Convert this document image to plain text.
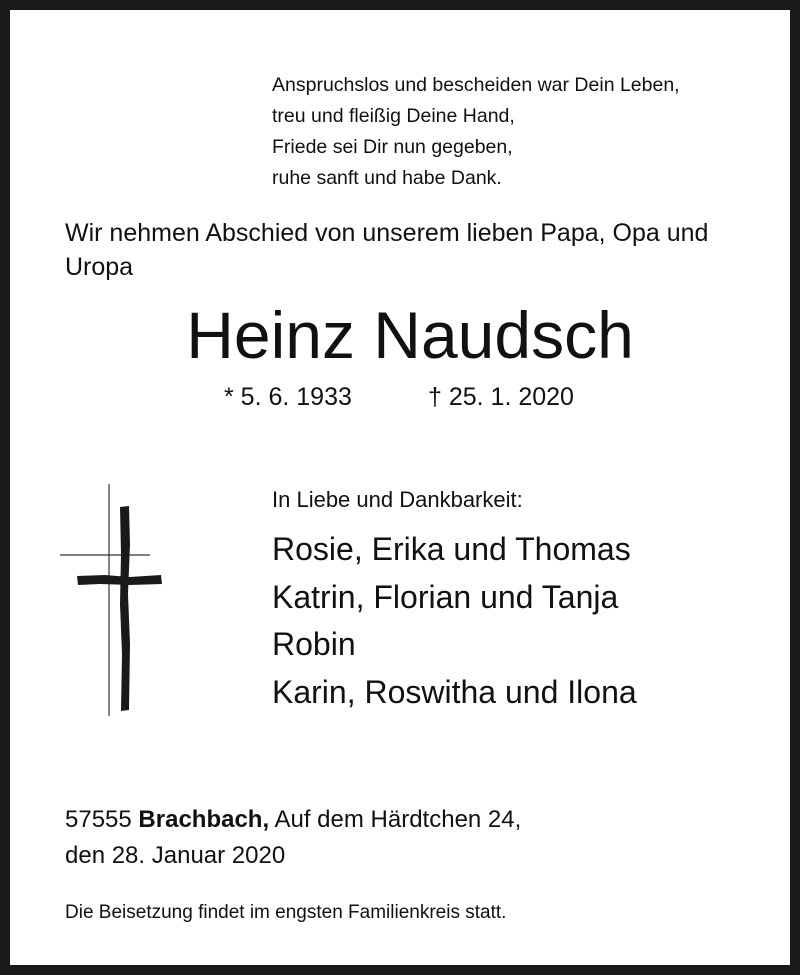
Anspruchslos und bescheiden war Dein Leben,
treu und fleißig Deine Hand,
Friede sei Dir nun gegeben,
ruhe sanft und habe Dank.
Wir nehmen Abschied von unserem lieben Papa, Opa und Uropa
Heinz Naudsch
* 5. 6. 1933	† 25. 1. 2020
In Liebe und Dankbarkeit:
Rosie, Erika und Thomas
Katrin, Florian und Tanja
Robin
Karin, Roswitha und Ilona
57555 Brachbach, Auf dem Härdtchen 24,
den 28. Januar 2020
Die Beisetzung findet im engsten Familienkreis statt.
